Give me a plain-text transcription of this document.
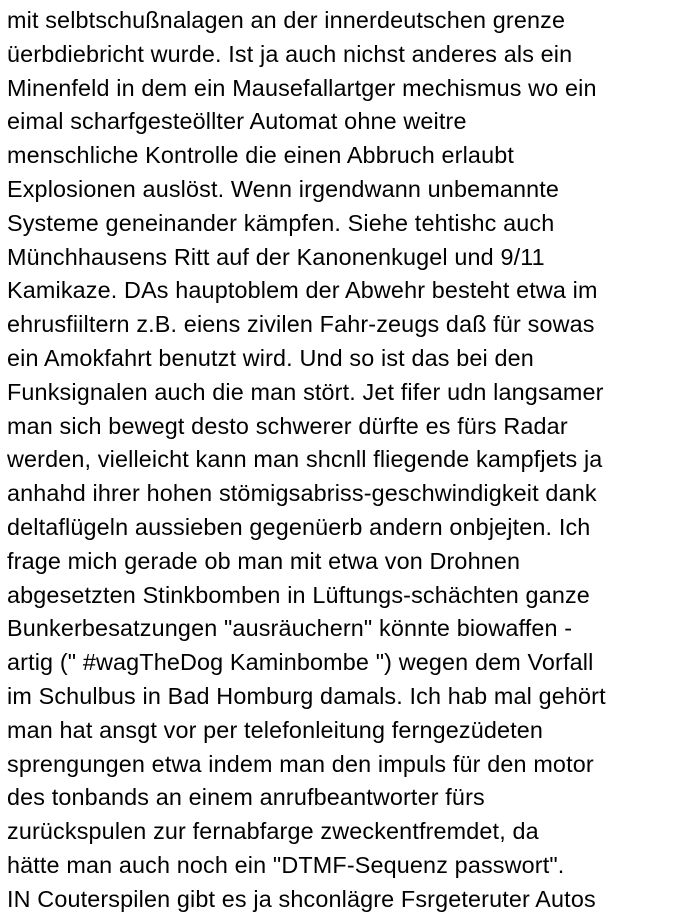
mit selbtschußnalagen an der innerdeutschen grenze
üerbdiebricht wurde. Ist ja auch nichst anderes als ein
Minenfeld in dem ein Mausefallartger mechismus wo ein
eimal scharfgesteöllter Automat ohne weitre
menschliche Kontrolle die einen Abbruch erlaubt
Explosionen auslöst. Wenn irgendwann unbemannte
Systeme geneinander kämpfen. Siehe tehtishc auch
Münchhausens Ritt auf der Kanonenkugel und 9/11
Kamikaze. DAs hauptoblem der Abwehr besteht etwa im
ehrusfiiltern z.B. eiens zivilen Fahr-zeugs daß für sowas
ein Amokfahrt benutzt wird. Und so ist das bei den
Funksignalen auch die man stört. Jet fifer udn langsamer
man sich bewegt desto schwerer dürfte es fürs Radar
werden, vielleicht kann man shcnll fliegende kampfjets ja
anhahd ihrer hohen stömigsabriss-geschwindigkeit dank
deltaflügeln aussieben gegenüerb andern onbjejten. Ich
frage mich gerade ob man mit etwa von Drohnen
abgesetzten Stinkbomben in Lüftungs-schächten ganze
Bunkerbesatzungen "ausräuchern" könnte biowaffen -
artig (" #wagTheDog Kaminbombe ") wegen dem Vorfall
im Schulbus in Bad Homburg damals. Ich hab mal gehört
man hat ansgt vor per telefonleitung ferngezüdeten
sprengungen etwa indem man den impuls für den motor
des tonbands an einem anrufbeantworter fürs
zurückspulen zur fernabfarge zweckentfremdet, da
hätte man auch noch ein "DTMF-Sequenz passwort".
IN Couterspilen gibt es ja shconlägre Fsrgeteruter Autos
